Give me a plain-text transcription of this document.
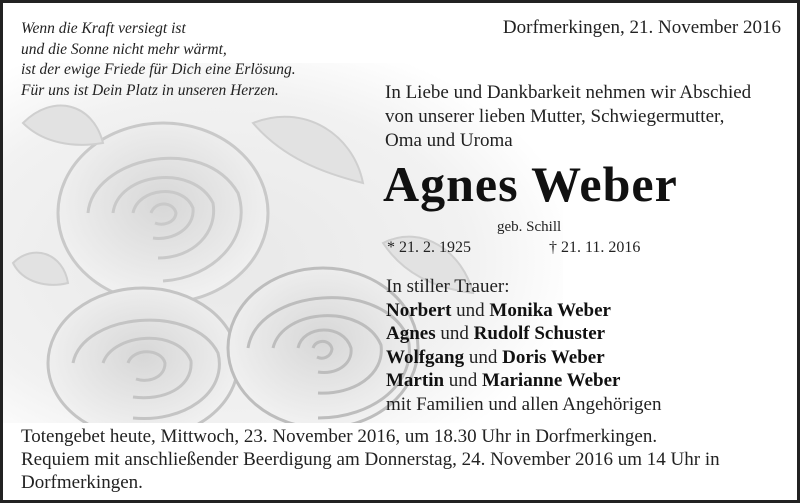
Wenn die Kraft versiegt ist
und die Sonne nicht mehr wärmt,
ist der ewige Friede für Dich eine Erlösung.
Für uns ist Dein Platz in unseren Herzen.
Dorfmerkingen, 21. November 2016
In Liebe und Dankbarkeit nehmen wir Abschied
von unserer lieben Mutter, Schwiegermutter,
Oma und Uroma
Agnes Weber
geb. Schill
* 21. 2. 1925	† 21. 11. 2016
In stiller Trauer:
Norbert und Monika Weber
Agnes und Rudolf Schuster
Wolfgang und Doris Weber
Martin und Marianne Weber
mit Familien und allen Angehörigen
Totengebet heute, Mittwoch, 23. November 2016, um 18.30 Uhr in Dorfmerkingen.
Requiem mit anschließender Beerdigung am Donnerstag, 24. November 2016 um 14 Uhr in
Dorfmerkingen.
